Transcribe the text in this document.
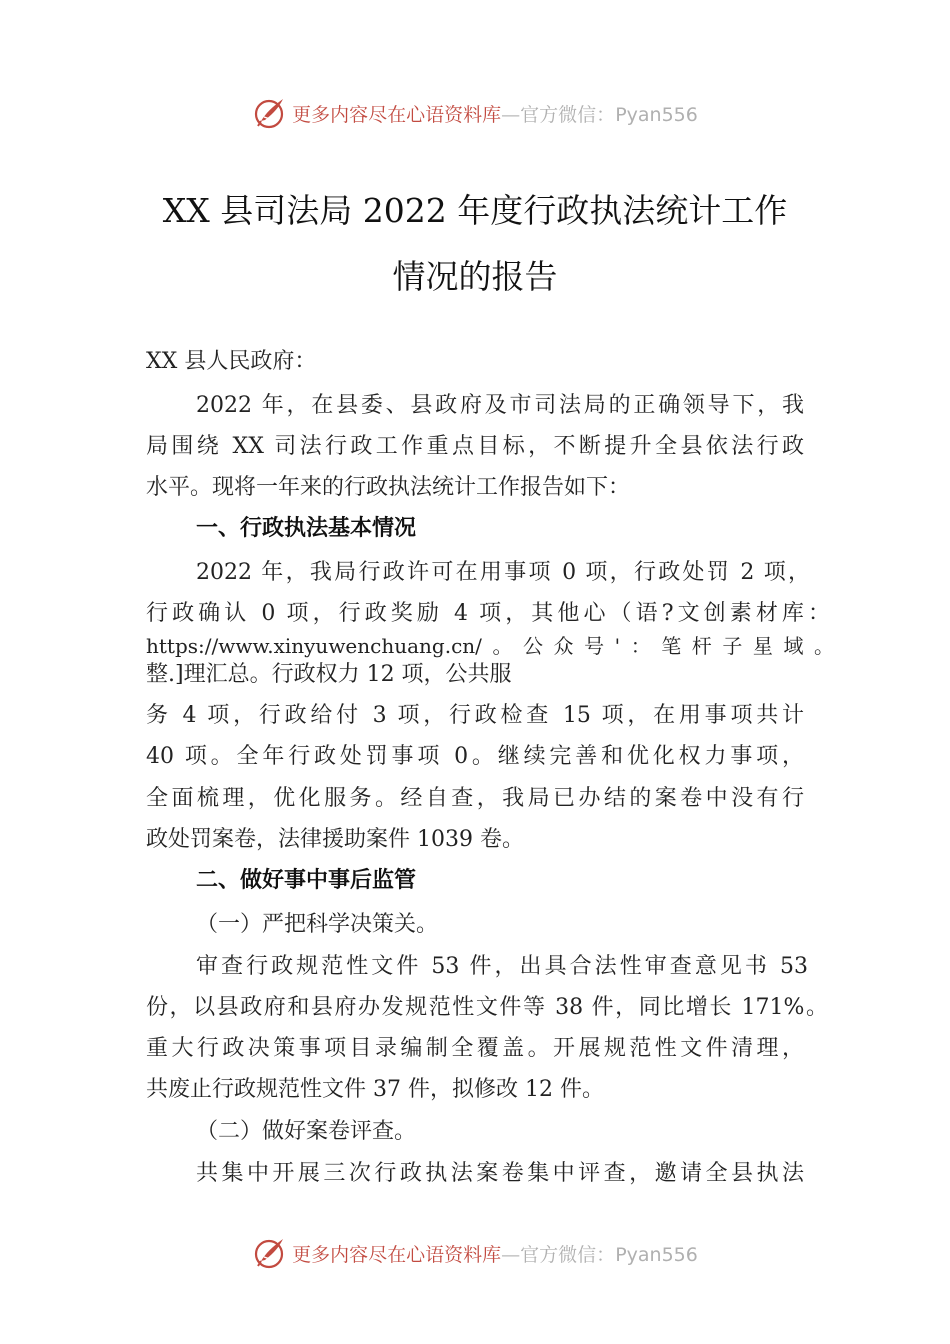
更多内容尽在心语资料库—官方微信：Pyan556
XX 县司法局 2022 年度行政执法统计工作
情况的报告
XX 县人民政府：
2022 年，在县委、县政府及市司法局的正确领导下，我
局围绕 XX 司法行政工作重点目标，不断提升全县依法行政
水平。现将一年来的行政执法统计工作报告如下：
一、行政执法基本情况
2022 年，我局行政许可在用事项 0 项，行政处罚 2 项，
行政确认 0 项，行政奖励 4 项，其他心（语?文创素材库：
https://www.xinyuwenchuang.cn/。公众号'：笔杆子星域。
整.]理汇总。行政权力 12 项，公共服
务 4 项，行政给付 3 项，行政检查 15 项，在用事项共计
40 项。全年行政处罚事项 0。继续完善和优化权力事项，
全面梳理，优化服务。经自查，我局已办结的案卷中没有行
政处罚案卷，法律援助案件 1039 卷。
二、做好事中事后监管
（一）严把科学决策关。
审查行政规范性文件 53 件，出具合法性审查意见书 53
份，以县政府和县府办发规范性文件等 38 件，同比增长 171%。
重大行政决策事项目录编制全覆盖。开展规范性文件清理，
共废止行政规范性文件 37 件，拟修改 12 件。
（二）做好案卷评查。
共集中开展三次行政执法案卷集中评查，邀请全县执法
更多内容尽在心语资料库—官方微信：Pyan556
